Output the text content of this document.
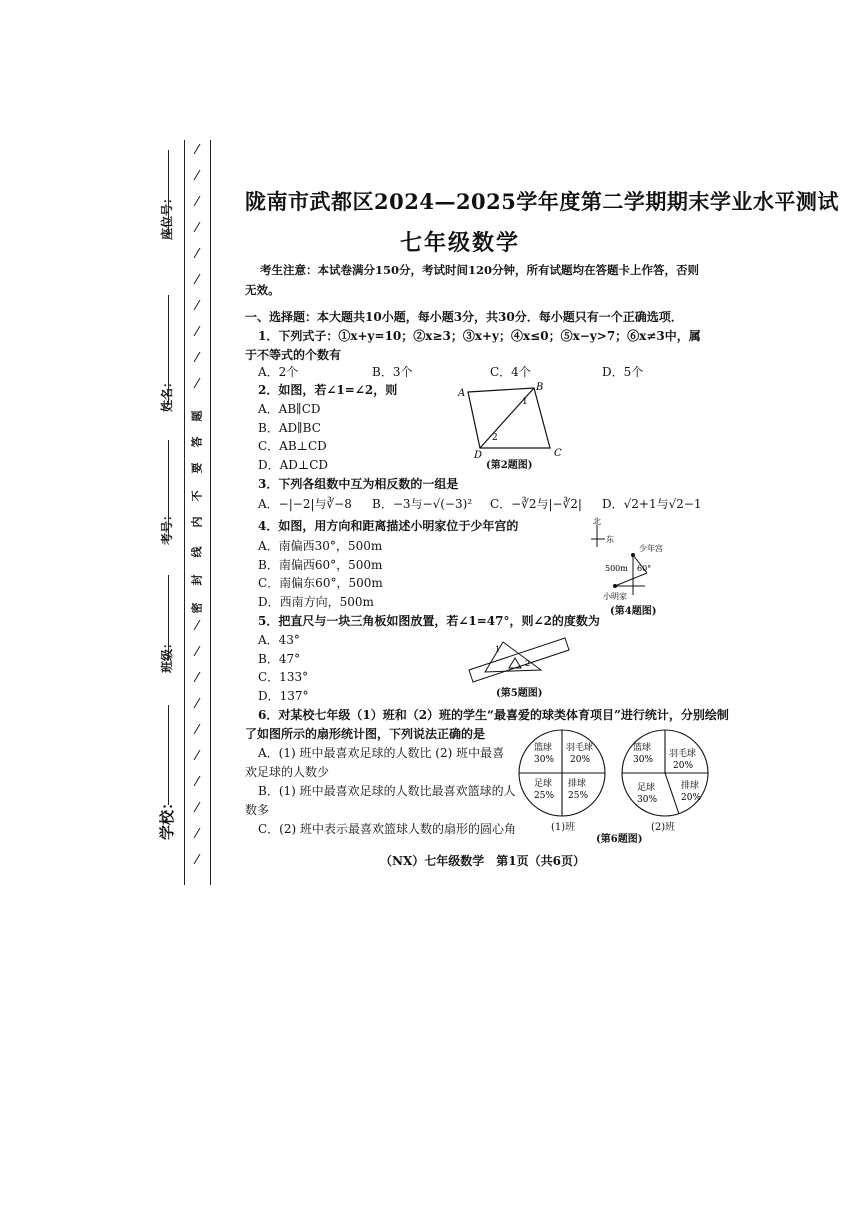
座位号：
姓名：
考号：
班级：
学校：
密
封
线
内
不
要
答
题
陇南市武都区2024—2025学年度第二学期期末学业水平测试
七年级数学
考生注意：本试卷满分150分，考试时间120分钟，所有试题均在答题卡上作答，否则
无效。
一、选择题：本大题共10小题，每小题3分，共30分．每小题只有一个正确选项．
1．下列式子：①x+y=10；②x≥3；③x+y；④x≤0；⑤x−y>7；⑥x≠3中，属
于不等式的个数有
A．2个	B．3个	C．4个	D．5个
2．如图，若∠1=∠2，则
A．AB∥CD
B．AD∥BC
C．AB⊥CD
D．AD⊥CD
A
B
C
D
1
2
(第2题图)
3．下列各组数中互为相反数的一组是
A．−|−2|与∛−8 B．−3与−√(−3)² C．−∛2与|−∛2| D．√2+1与√2−1
4．如图，用方向和距离描述小明家位于少年宫的
A．南偏西30°，500m
B．南偏西60°，500m
C．南偏东60°，500m
D．西南方向，500m
北
东
少年宫
小明家
500m 60°
(第4题图)
5．把直尺与一块三角板如图放置，若∠1=47°，则∠2的度数为
A．43°
B．47°
C．133°
D．137°
1
2
(第5题图)
6．对某校七年级（1）班和（2）班的学生“最喜爱的球类体育项目”进行统计，分别绘制
了如图所示的扇形统计图，下列说法正确的是
A．(1) 班中最喜欢足球的人数比 (2) 班中最喜
欢足球的人数少
B．(1) 班中最喜欢足球的人数比最喜欢篮球的人
数多
C．(2) 班中表示最喜欢篮球人数的扇形的圆心角
篮球
30%
羽毛球
20%
足球
25%
排球
25%
(1)班
篮球
30%
羽毛球
20%
足球
30%
排球
20%
(2)班
(第6题图)
（NX）七年级数学　第1页（共6页）
